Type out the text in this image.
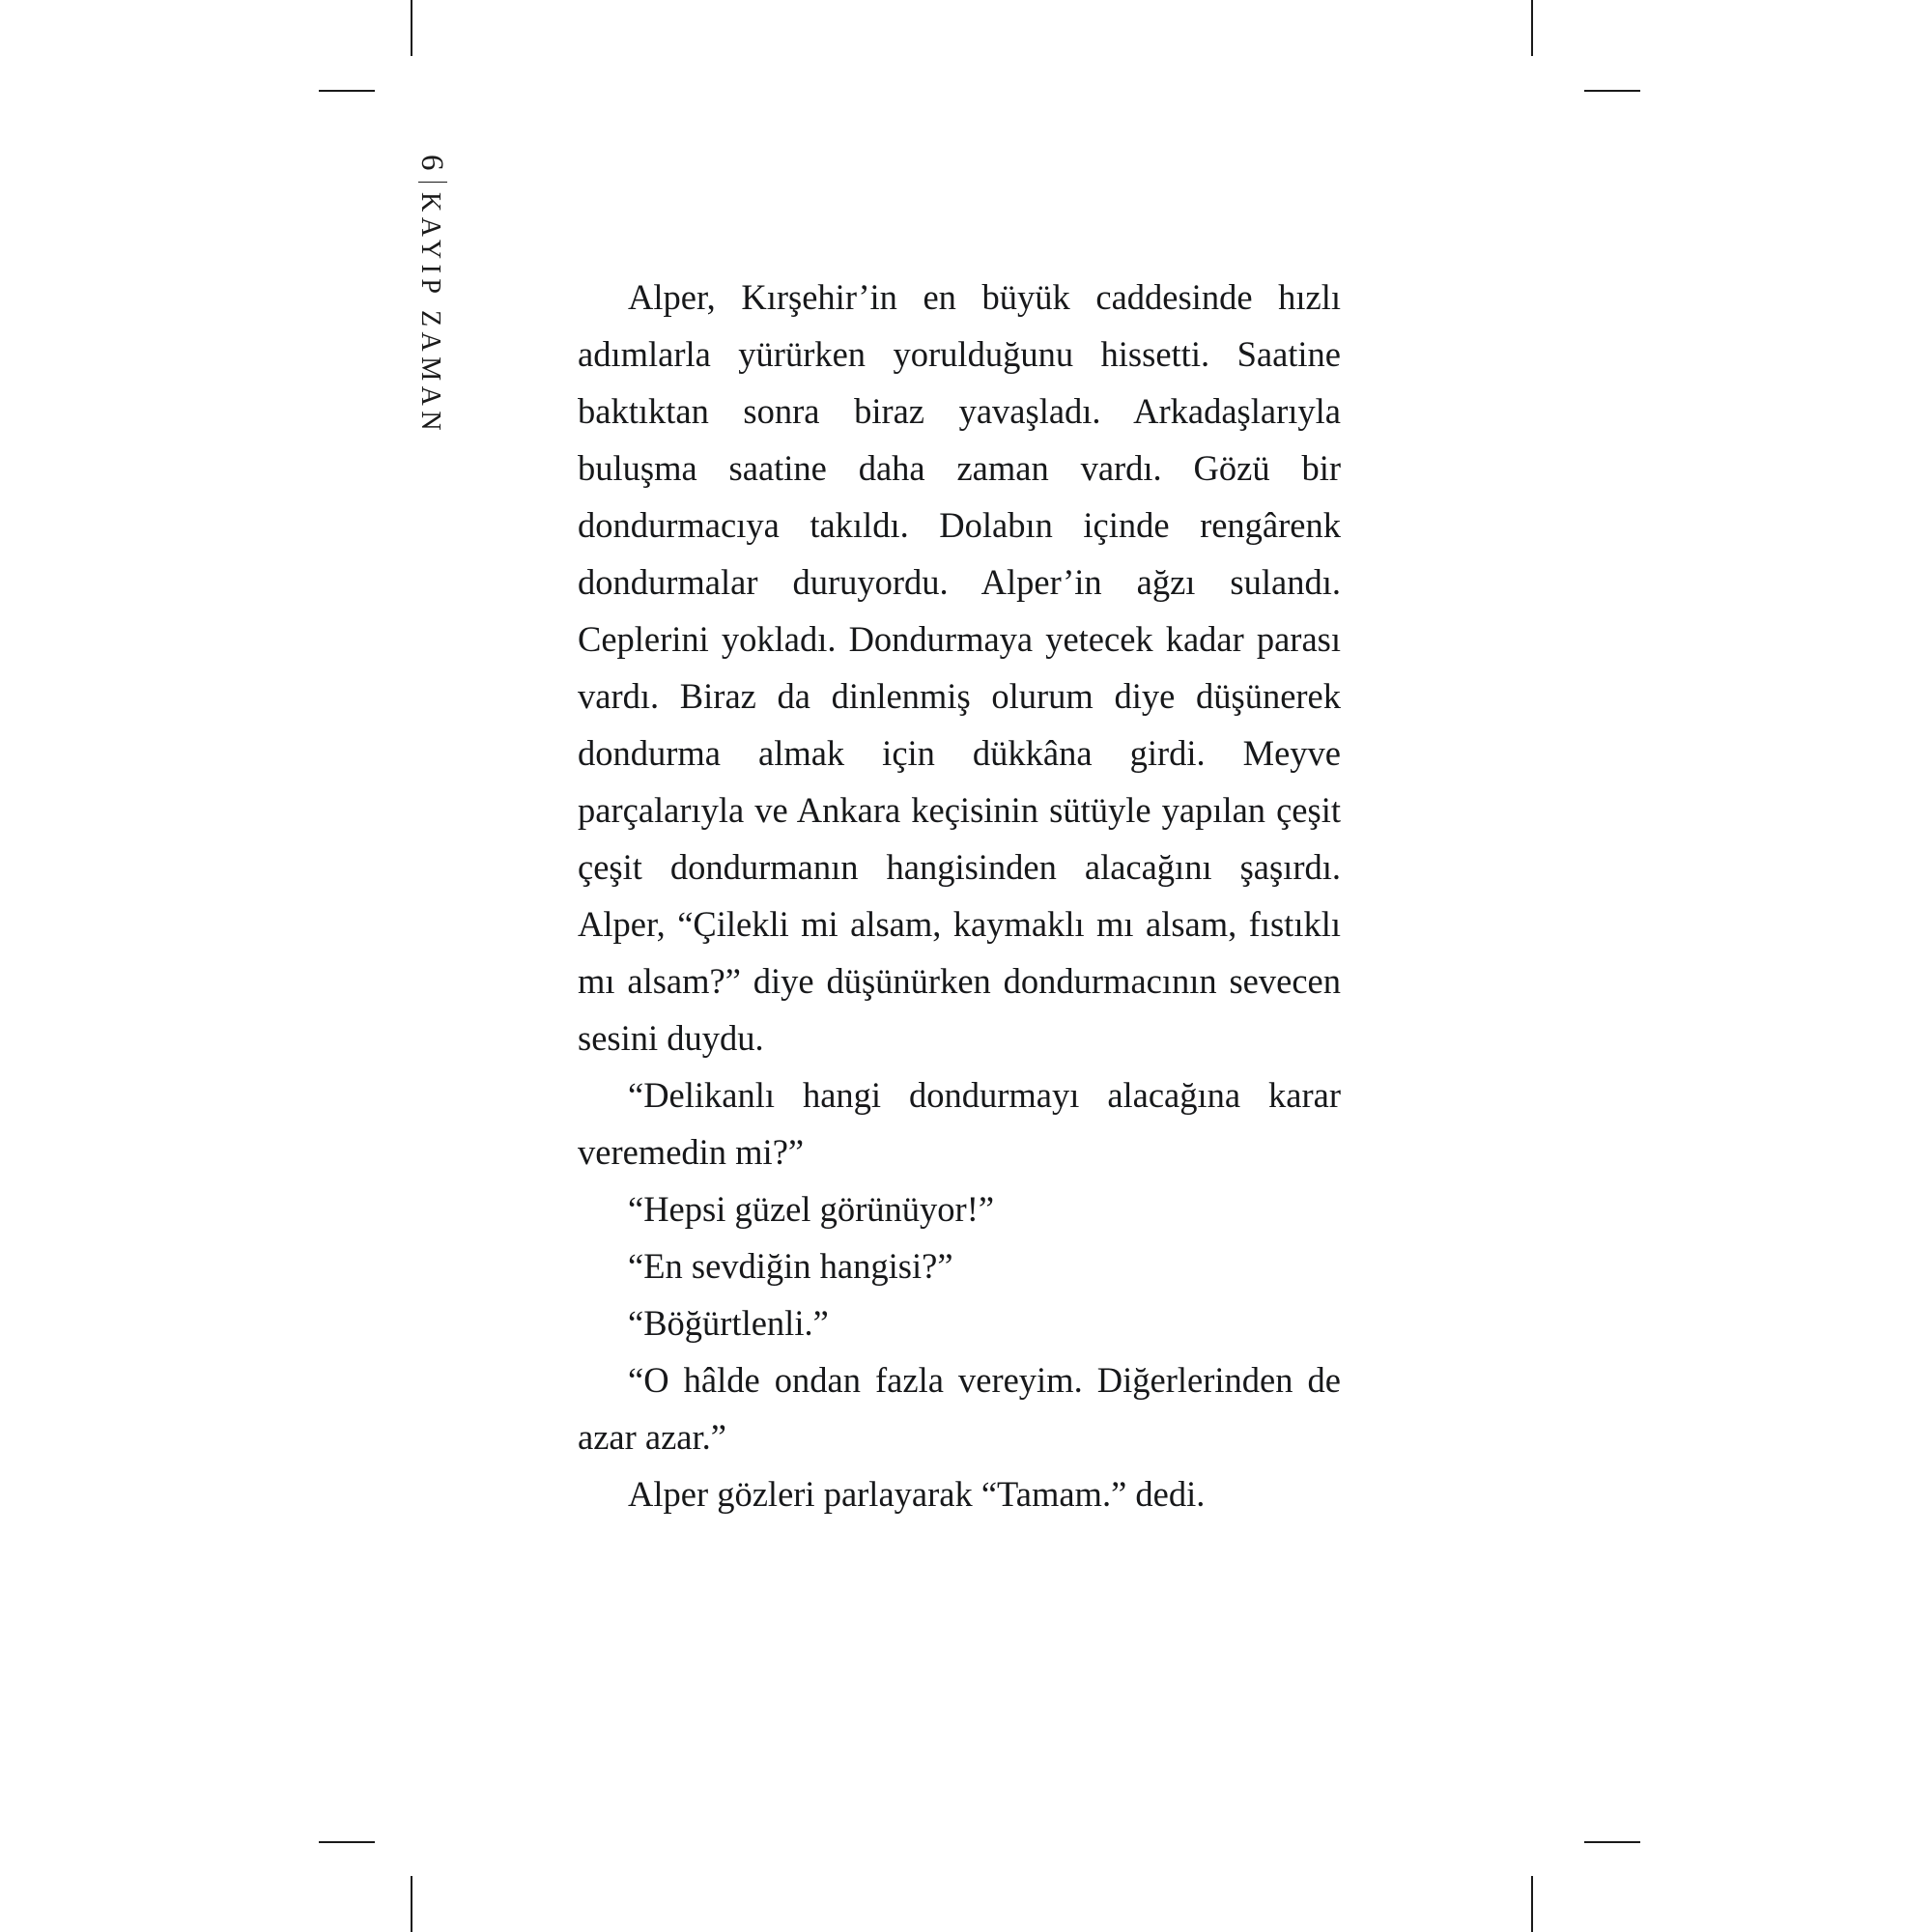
6
KAYIP ZAMAN	Alper, Kırşehir’in en büyük caddesinde hızlı adımlarla yürürken yorulduğunu hissetti. Saatine baktıktan sonra biraz yavaşladı. Arkadaşlarıyla buluşma saatine daha zaman vardı. Gözü bir dondurmacıya takıldı. Dolabın içinde rengârenk dondurmalar duruyordu. Alper’in ağzı sulandı. Ceplerini yokladı. Dondurmaya yetecek kadar parası vardı. Biraz da dinlenmiş olurum diye düşünerek dondurma almak için dükkâna girdi. Meyve parçalarıyla ve Ankara keçisinin sütüyle yapılan çeşit çeşit dondurmanın hangisinden alacağını şaşırdı. Alper, “Çilekli mi alsam, kaymaklı mı alsam, fıstıklı mı alsam?” diye düşünürken dondurmacının sevecen sesini duydu.

“Delikanlı hangi dondurmayı alacağına karar veremedin mi?”

“Hepsi güzel görünüyor!”

“En sevdiğin hangisi?”

“Böğürtlenli.”

“O hâlde ondan fazla vereyim. Diğerlerinden de azar azar.”

Alper gözleri parlayarak “Tamam.” dedi.
